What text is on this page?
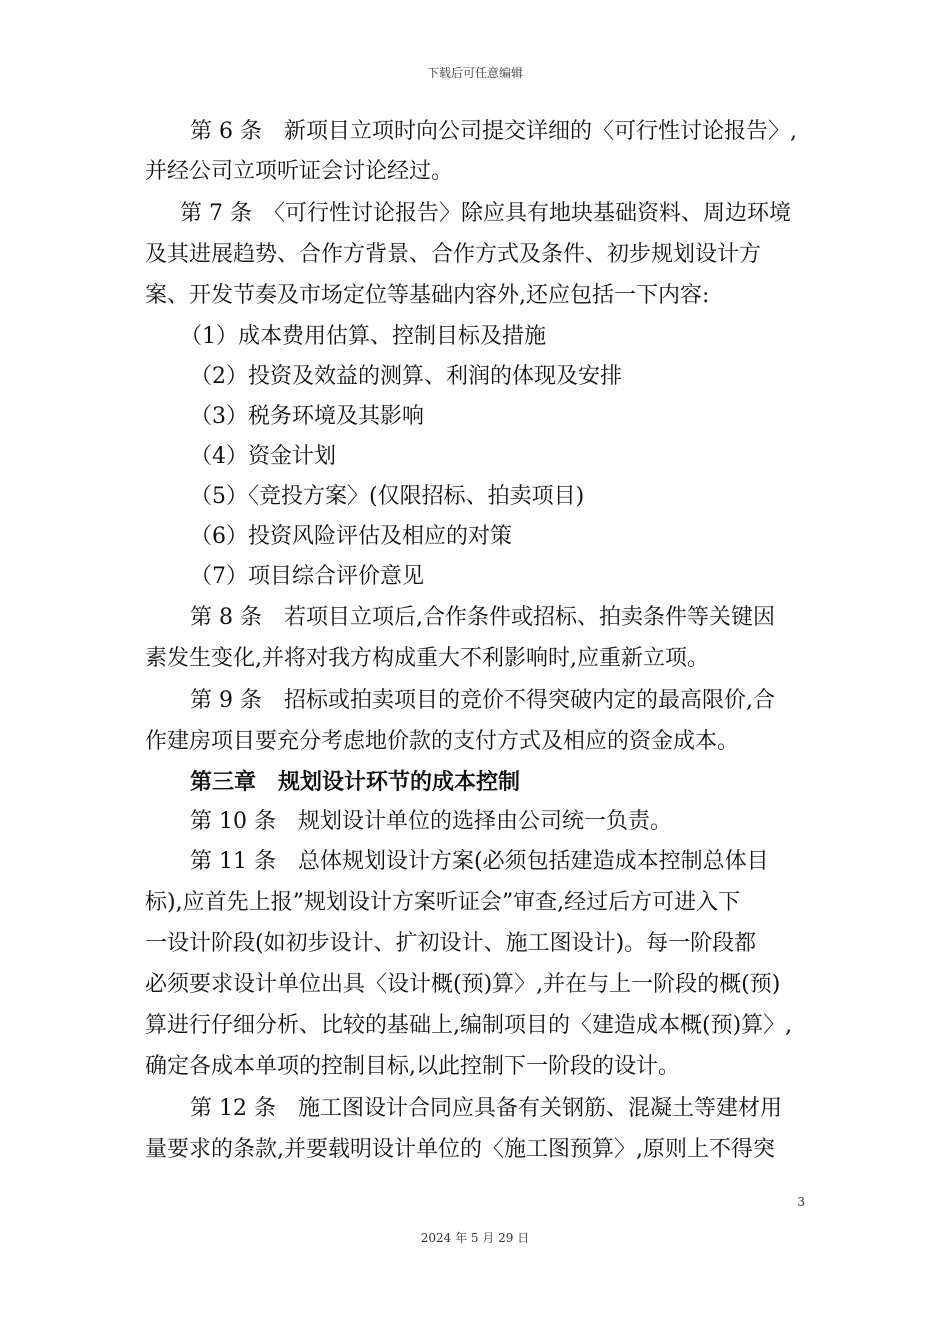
下载后可任意编辑
第 6 条　新项目立项时向公司提交详细的〈可行性讨论报告〉,
并经公司立项听证会讨论经过。
第 7 条　〈可行性讨论报告〉除应具有地块基础资料、周边环境
及其进展趋势、合作方背景、合作方式及条件、初步规划设计方
案、开发节奏及市场定位等基础内容外,还应包括一下内容:
（1）成本费用估算、控制目标及措施
（2）投资及效益的测算、利润的体现及安排
（3）税务环境及其影响
（4）资金计划
（5）〈竞投方案〉(仅限招标、拍卖项目)
（6）投资风险评估及相应的对策
（7）项目综合评价意见
第 8 条　若项目立项后,合作条件或招标、拍卖条件等关键因
素发生变化,并将对我方构成重大不利影响时,应重新立项。
第 9 条　招标或拍卖项目的竞价不得突破内定的最高限价,合
作建房项目要充分考虑地价款的支付方式及相应的资金成本。
第三章　规划设计环节的成本控制
第 10 条　规划设计单位的选择由公司统一负责。
第 11 条　总体规划设计方案(必须包括建造成本控制总体目
标),应首先上报”规划设计方案听证会”审查,经过后方可进入下
一设计阶段(如初步设计、扩初设计、施工图设计)。每一阶段都
必须要求设计单位出具〈设计概(预)算〉,并在与上一阶段的概(预)
算进行仔细分析、比较的基础上,编制项目的〈建造成本概(预)算〉,
确定各成本单项的控制目标,以此控制下一阶段的设计。
第 12 条　施工图设计合同应具备有关钢筋、混凝土等建材用
量要求的条款,并要载明设计单位的〈施工图预算〉,原则上不得突
3
2024 年 5 月 29 日
